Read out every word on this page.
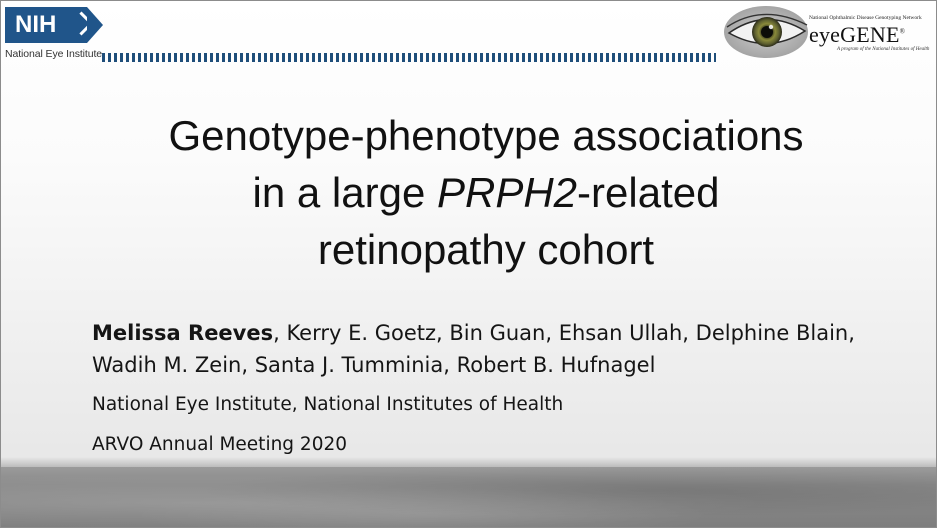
NIH
National Eye Institute
National Ophthalmic Disease Genotyping Network
eyeGENE®
A program of the National Institutes of Health
Genotype-phenotype associations
in a large PRPH2-related
retinopathy cohort
Melissa Reeves, Kerry E. Goetz, Bin Guan, Ehsan Ullah, Delphine Blain,
Wadih M. Zein, Santa J. Tumminia, Robert B. Hufnagel
National Eye Institute, National Institutes of Health
ARVO Annual Meeting 2020
